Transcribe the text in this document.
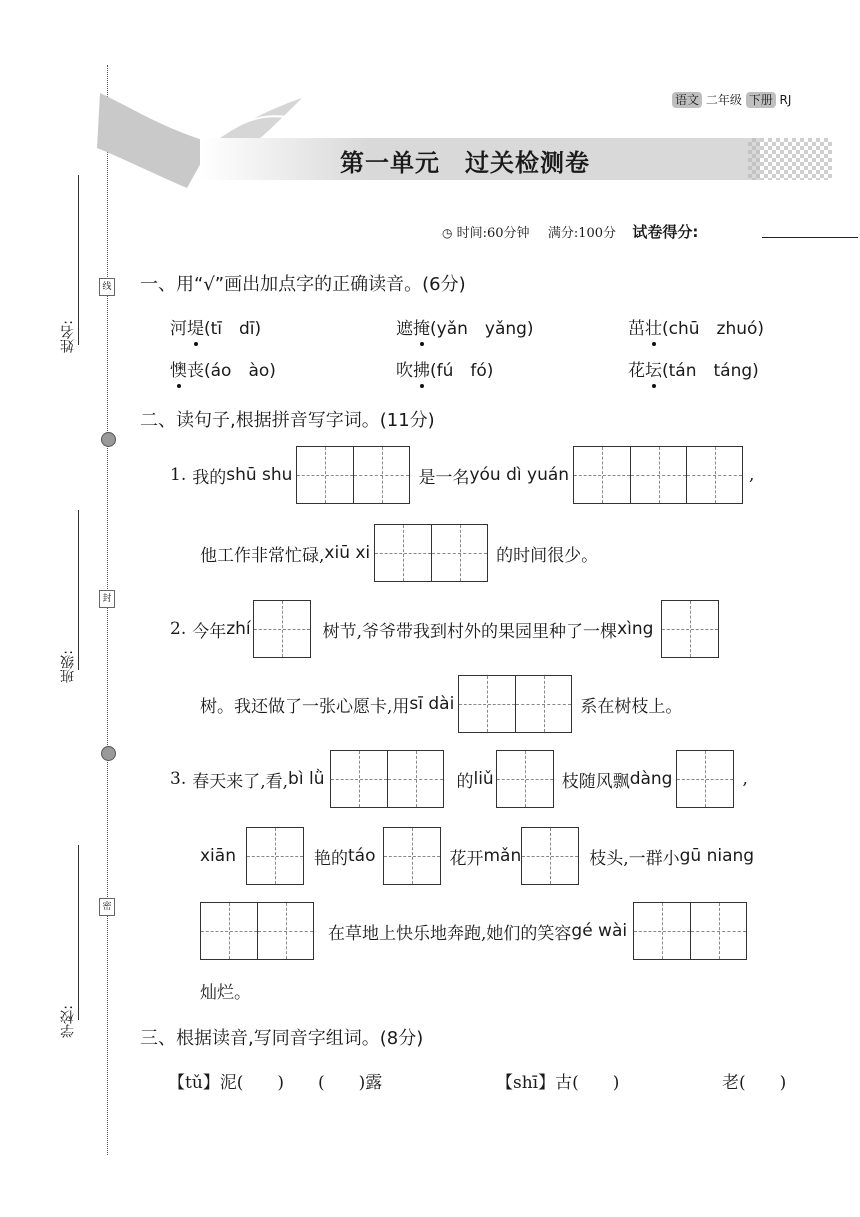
姓名:
班级:
学校:
线
封
密
语文 二年级 下册 RJ
第一单元　过关检测卷
◷ 时间:60分钟 满分:100分 试卷得分:
一、用“√”画出加点字的正确读音。(6分)
河 堤 (tī　dī)	遮 掩 (yǎn　yǎng)	茁 壮 (chū　zhuó)
懊 丧 (áo　ào)	吹 拂 (fú　fó)	花 坛 (tán　táng)
二、读句子,根据拼音写字词。(11分)
1. 我的 shū shu	是一名 yóu dì yuán	,
他工作非常忙碌, xiū xi	的时间很少。
2. 今年 zhí	树节,爷爷带我到村外的果园里种了一棵 xìng
树。我还做了一张心愿卡,用 sī dài	系在树枝上。
3. 春天来了,看, bì lǜ	的 liǔ	枝随风飘 dàng	,
xiān	艳的 táo	花开 mǎn	枝头,一群小 gū niang
在草地上快乐地奔跑,她们的笑容 gé wài
灿烂。
三、根据读音,写同音字组词。(8分)
【tǔ】泥(　　)　　(　　)露	【shī】古(　　)	老(　　)
